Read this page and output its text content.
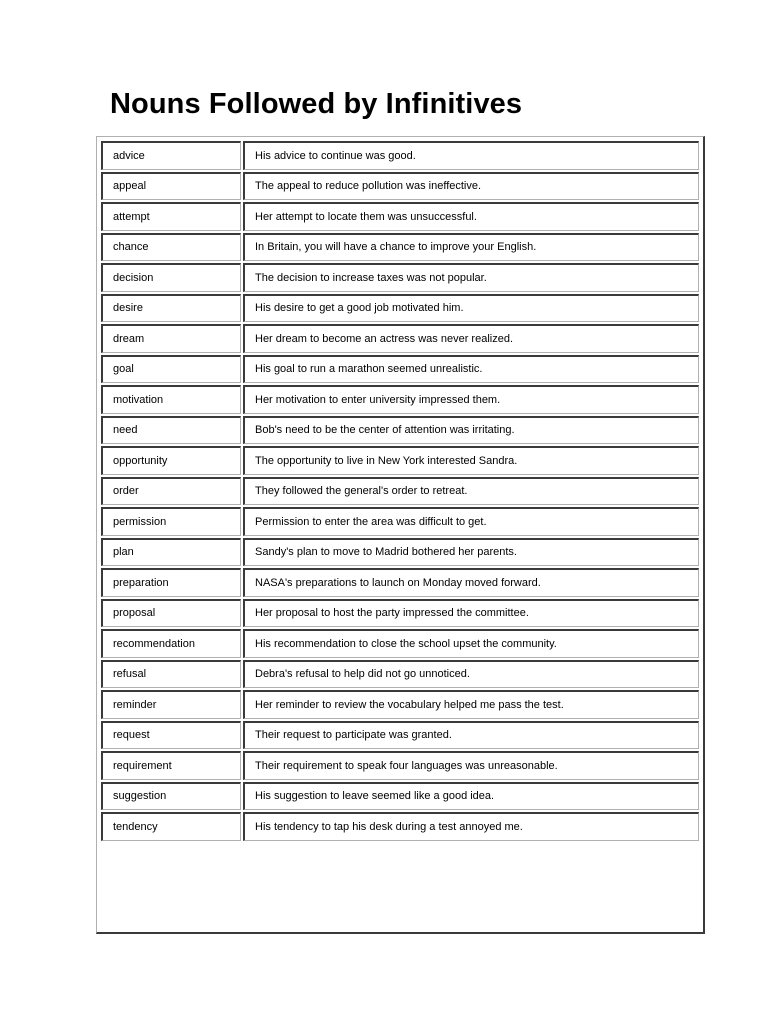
Nouns Followed by Infinitives
advice	His advice to continue was good.
appeal	The appeal to reduce pollution was ineffective.
attempt	Her attempt to locate them was unsuccessful.
chance	In Britain, you will have a chance to improve your English.
decision	The decision to increase taxes was not popular.
desire	His desire to get a good job motivated him.
dream	Her dream to become an actress was never realized.
goal	His goal to run a marathon seemed unrealistic.
motivation	Her motivation to enter university impressed them.
need	Bob's need to be the center of attention was irritating.
opportunity	The opportunity to live in New York interested Sandra.
order	They followed the general's order to retreat.
permission	Permission to enter the area was difficult to get.
plan	Sandy's plan to move to Madrid bothered her parents.
preparation	NASA's preparations to launch on Monday moved forward.
proposal	Her proposal to host the party impressed the committee.
recommendation	His recommendation to close the school upset the community.
refusal	Debra's refusal to help did not go unnoticed.
reminder	Her reminder to review the vocabulary helped me pass the test.
request	Their request to participate was granted.
requirement	Their requirement to speak four languages was unreasonable.
suggestion	His suggestion to leave seemed like a good idea.
tendency	His tendency to tap his desk during a test annoyed me.
